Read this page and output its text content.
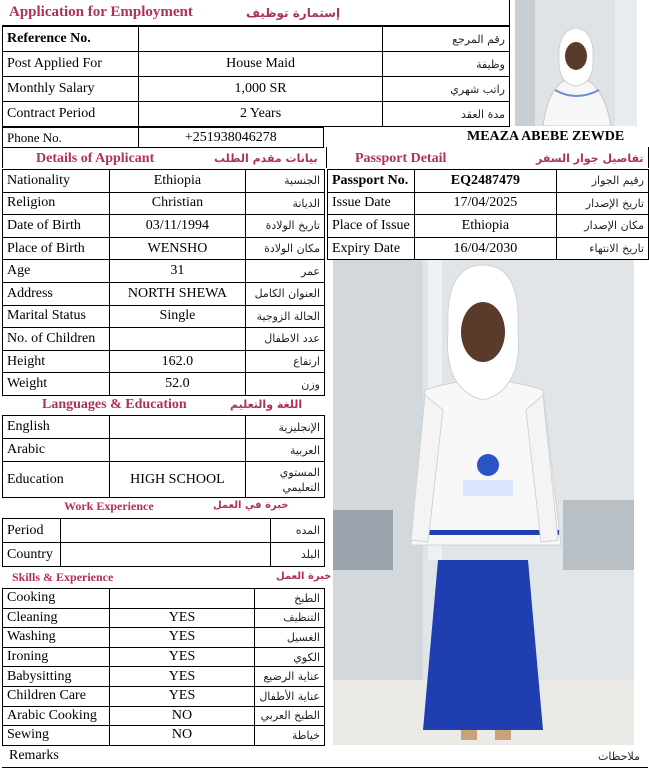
Application for Employment	إستمارة توظيف
Reference No.		رقم المرجع
Post Applied For	House Maid	وظيفة
Monthly Salary	1,000 SR	راتب شهري
Contract Period	2 Years	مدة العقد
Phone No.	+251938046278	MEAZA ABEBE ZEWDE
Details of Applicant	بيانات مقدم الطلب
Nationality	Ethiopia	الجنسية
Religion	Christian	الديانة
Date of Birth	03/11/1994	تاريخ الولادة
Place of Birth	WENSHO	مكان الولادة
Age	31	عمر
Address	NORTH SHEWA	العنوان الكامل
Marital Status	Single	الحالة الزوجية
No. of Children		عدد الاطفال
Height	162.0	ارتفاع
Weight	52.0	وزن
Passport Detail	تفاصيل جواز السفر
Passport No.	EQ2487479	رقيم الجواز
Issue Date	17/04/2025	تاريخ الإصدار
Place of Issue	Ethiopia	مكان الإصدار
Expiry Date	16/04/2030	تاريخ الانتهاء
Languages & Education	اللغة والتعليم
English		الإنجليزية
Arabic		العربية
Education	HIGH SCHOOL	المستوي التعليمي
Work Experience	خبرة في العمل
Period		المده
Country		البلد
Skills & Experience	خبرة العمل
Cooking		الطبخ
Cleaning	YES	التنظيف
Washing	YES	الغسيل
Ironing	YES	الكوي
Babysitting	YES	عناية الرضيع
Children Care	YES	عناية الأطفال
Arabic Cooking	NO	الطبخ العربي
Sewing	NO	خياطة
Remarks	ملاحظات
